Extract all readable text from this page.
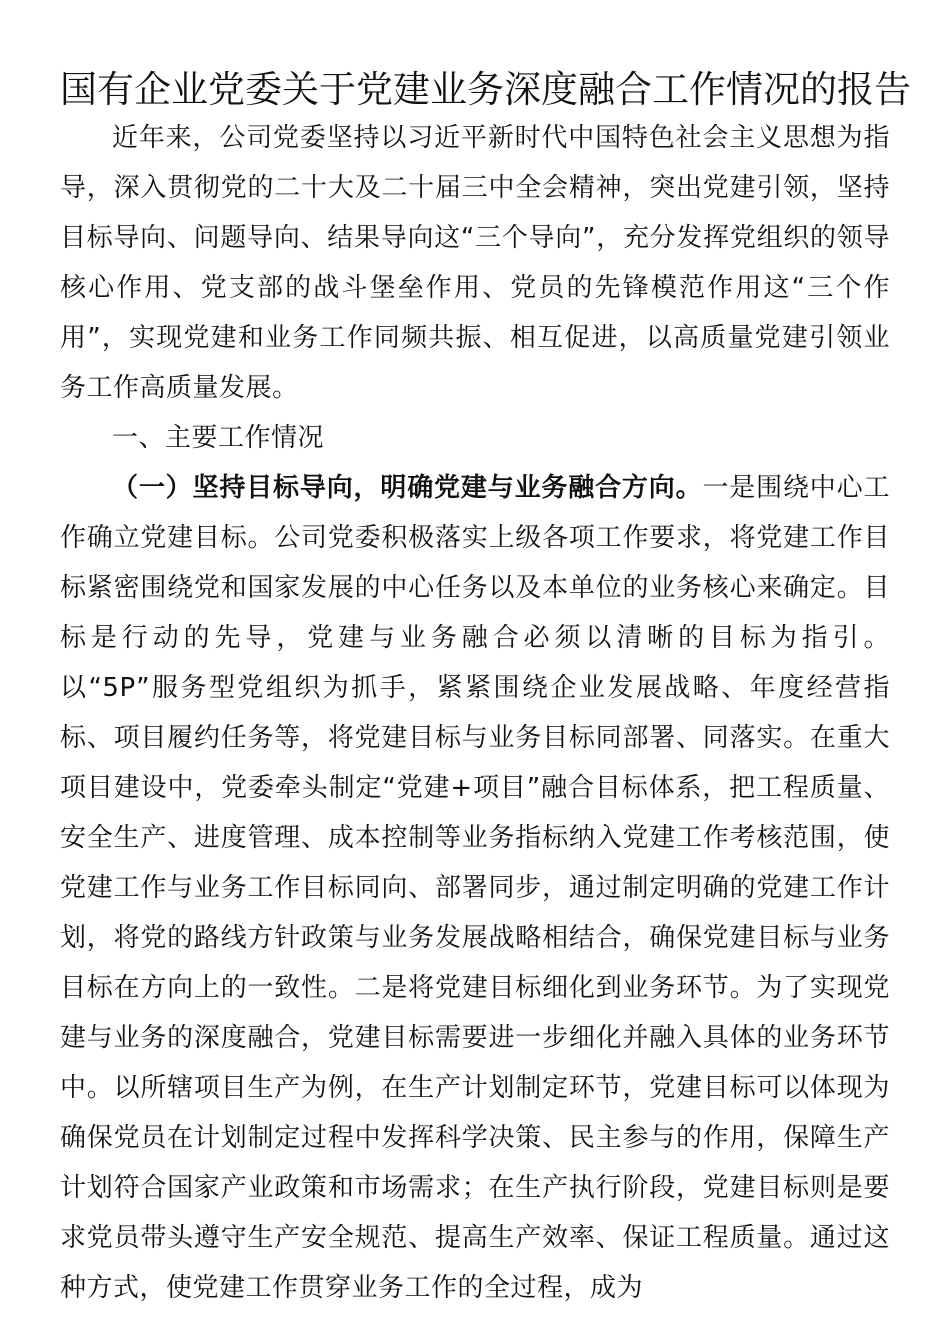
国有企业党委关于党建业务深度融合工作情况的报告

近年来，公司党委坚持以习近平新时代中国特色社会主义思想为指导，深入贯彻党的二十大及二十届三中全会精神，突出党建引领，坚持目标导向、问题导向、结果导向这“三个导向”，充分发挥党组织的领导核心作用、党支部的战斗堡垒作用、党员的先锋模范作用这“三个作用”，实现党建和业务工作同频共振、相互促进，以高质量党建引领业务工作高质量发展。

一、主要工作情况

（一）坚持目标导向，明确党建与业务融合方向。一是围绕中心工作确立党建目标。公司党委积极落实上级各项工作要求，将党建工作目标紧密围绕党和国家发展的中心任务以及本单位的业务核心来确定。目标是行动的先导，党建与业务融合必须以清晰的目标为指引。以“5P”服务型党组织为抓手，紧紧围绕企业发展战略、年度经营指标、项目履约任务等，将党建目标与业务目标同部署、同落实。在重大项目建设中，党委牵头制定“党建+项目”融合目标体系，把工程质量、安全生产、进度管理、成本控制等业务指标纳入党建工作考核范围，使党建工作与业务工作目标同向、部署同步，通过制定明确的党建工作计划，将党的路线方针政策与业务发展战略相结合，确保党建目标与业务目标在方向上的一致性。二是将党建目标细化到业务环节。为了实现党建与业务的深度融合，党建目标需要进一步细化并融入具体的业务环节中。以所辖项目生产为例，在生产计划制定环节，党建目标可以体现为确保党员在计划制定过程中发挥科学决策、民主参与的作用，保障生产计划符合国家产业政策和市场需求；在生产执行阶段，党建目标则是要求党员带头遵守生产安全规范、提高生产效率、保证工程质量。通过这种方式，使党建工作贯穿业务工作的全过程，成为
